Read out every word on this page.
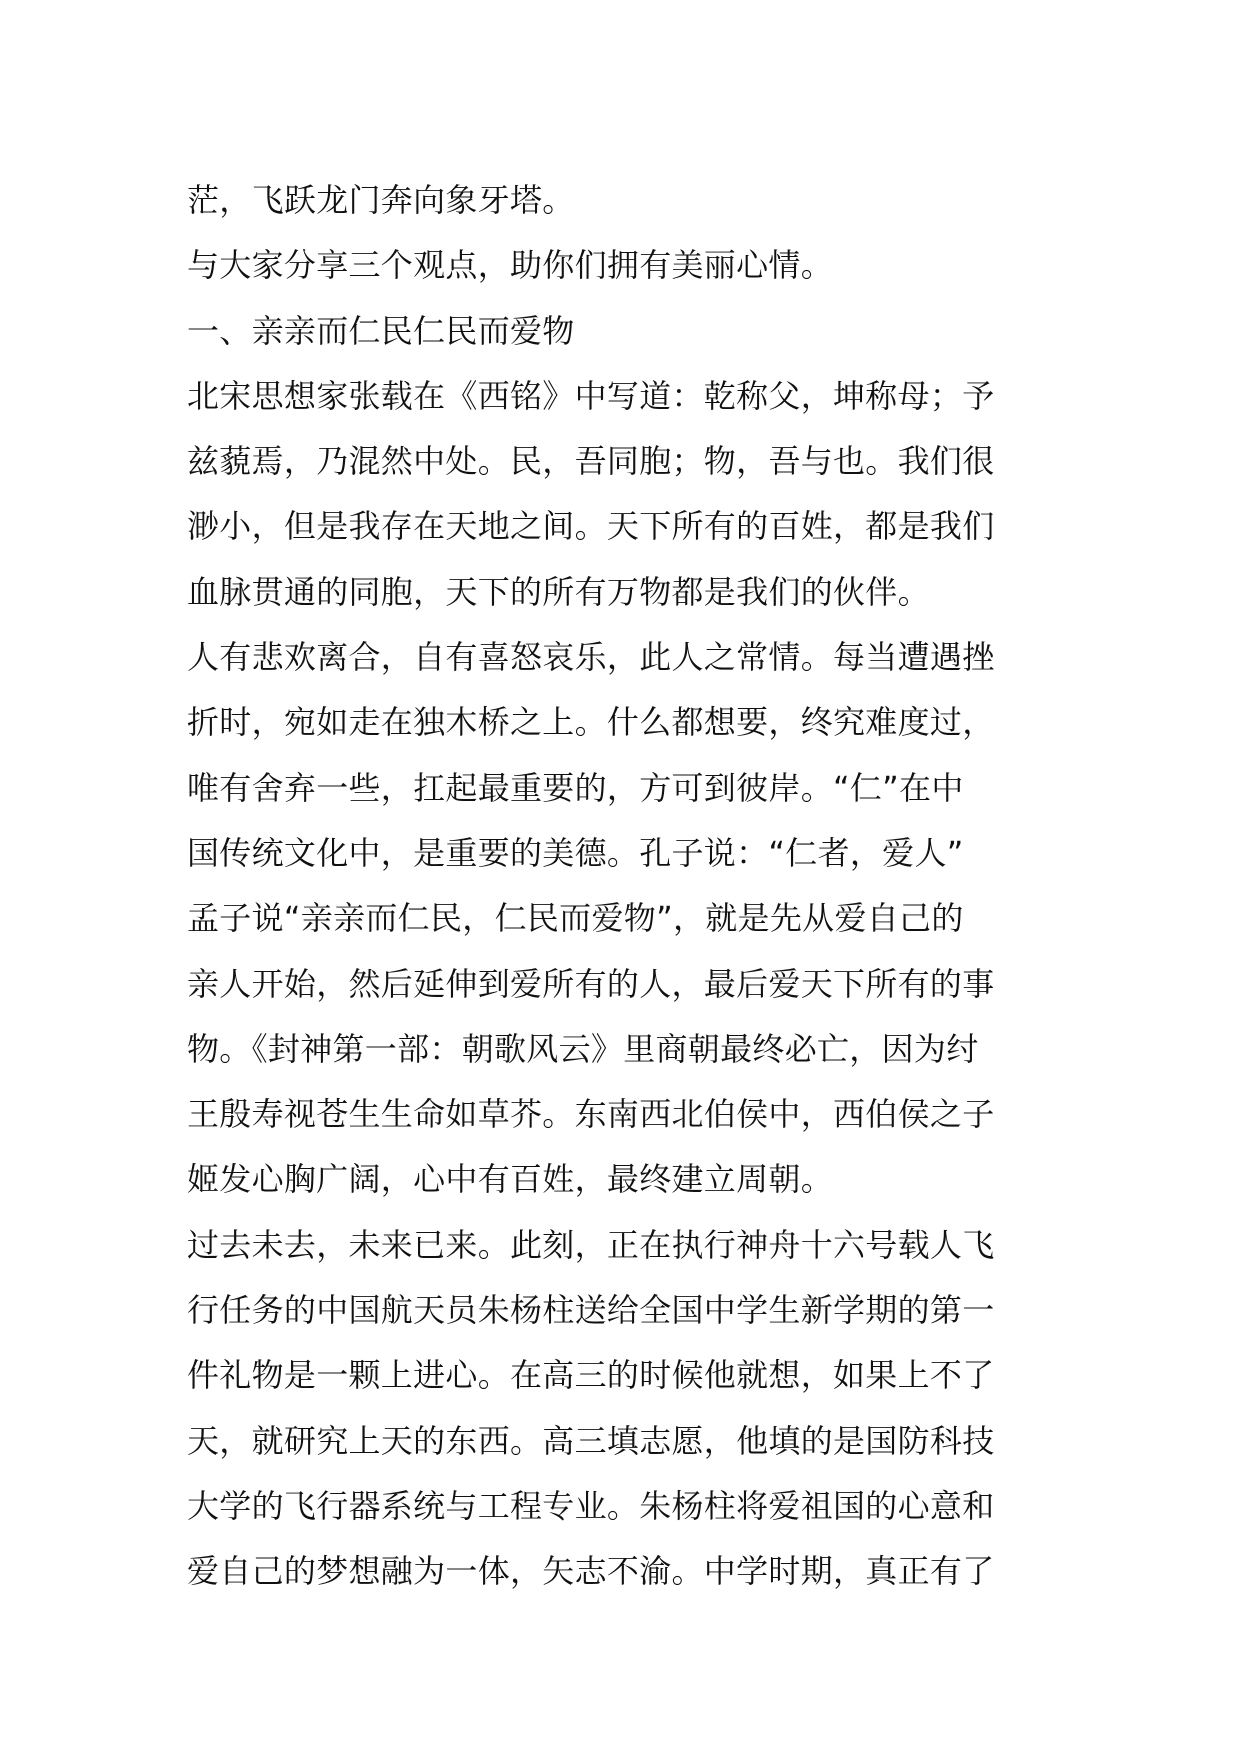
茫，飞跃龙门奔向象牙塔。
与大家分享三个观点，助你们拥有美丽心情。
一、亲亲而仁民仁民而爱物
北宋思想家张载在《西铭》中写道：乾称父，坤称母；予
兹藐焉，乃混然中处。民，吾同胞；物，吾与也。我们很
渺小，但是我存在天地之间。天下所有的百姓，都是我们
血脉贯通的同胞，天下的所有万物都是我们的伙伴。
人有悲欢离合，自有喜怒哀乐，此人之常情。每当遭遇挫
折时，宛如走在独木桥之上。什么都想要，终究难度过，
唯有舍弃一些，扛起最重要的，方可到彼岸。“仁”在中
国传统文化中，是重要的美德。孔子说：“仁者，爱人”
孟子说“亲亲而仁民，仁民而爱物”，就是先从爱自己的
亲人开始，然后延伸到爱所有的人，最后爱天下所有的事
物。《封神第一部：朝歌风云》里商朝最终必亡，因为纣
王殷寿视苍生生命如草芥。东南西北伯侯中，西伯侯之子
姬发心胸广阔，心中有百姓，最终建立周朝。
过去未去，未来已来。此刻，正在执行神舟十六号载人飞
行任务的中国航天员朱杨柱送给全国中学生新学期的第一
件礼物是一颗上进心。在高三的时候他就想，如果上不了
天，就研究上天的东西。高三填志愿，他填的是国防科技
大学的飞行器系统与工程专业。朱杨柱将爱祖国的心意和
爱自己的梦想融为一体，矢志不渝。中学时期，真正有了
